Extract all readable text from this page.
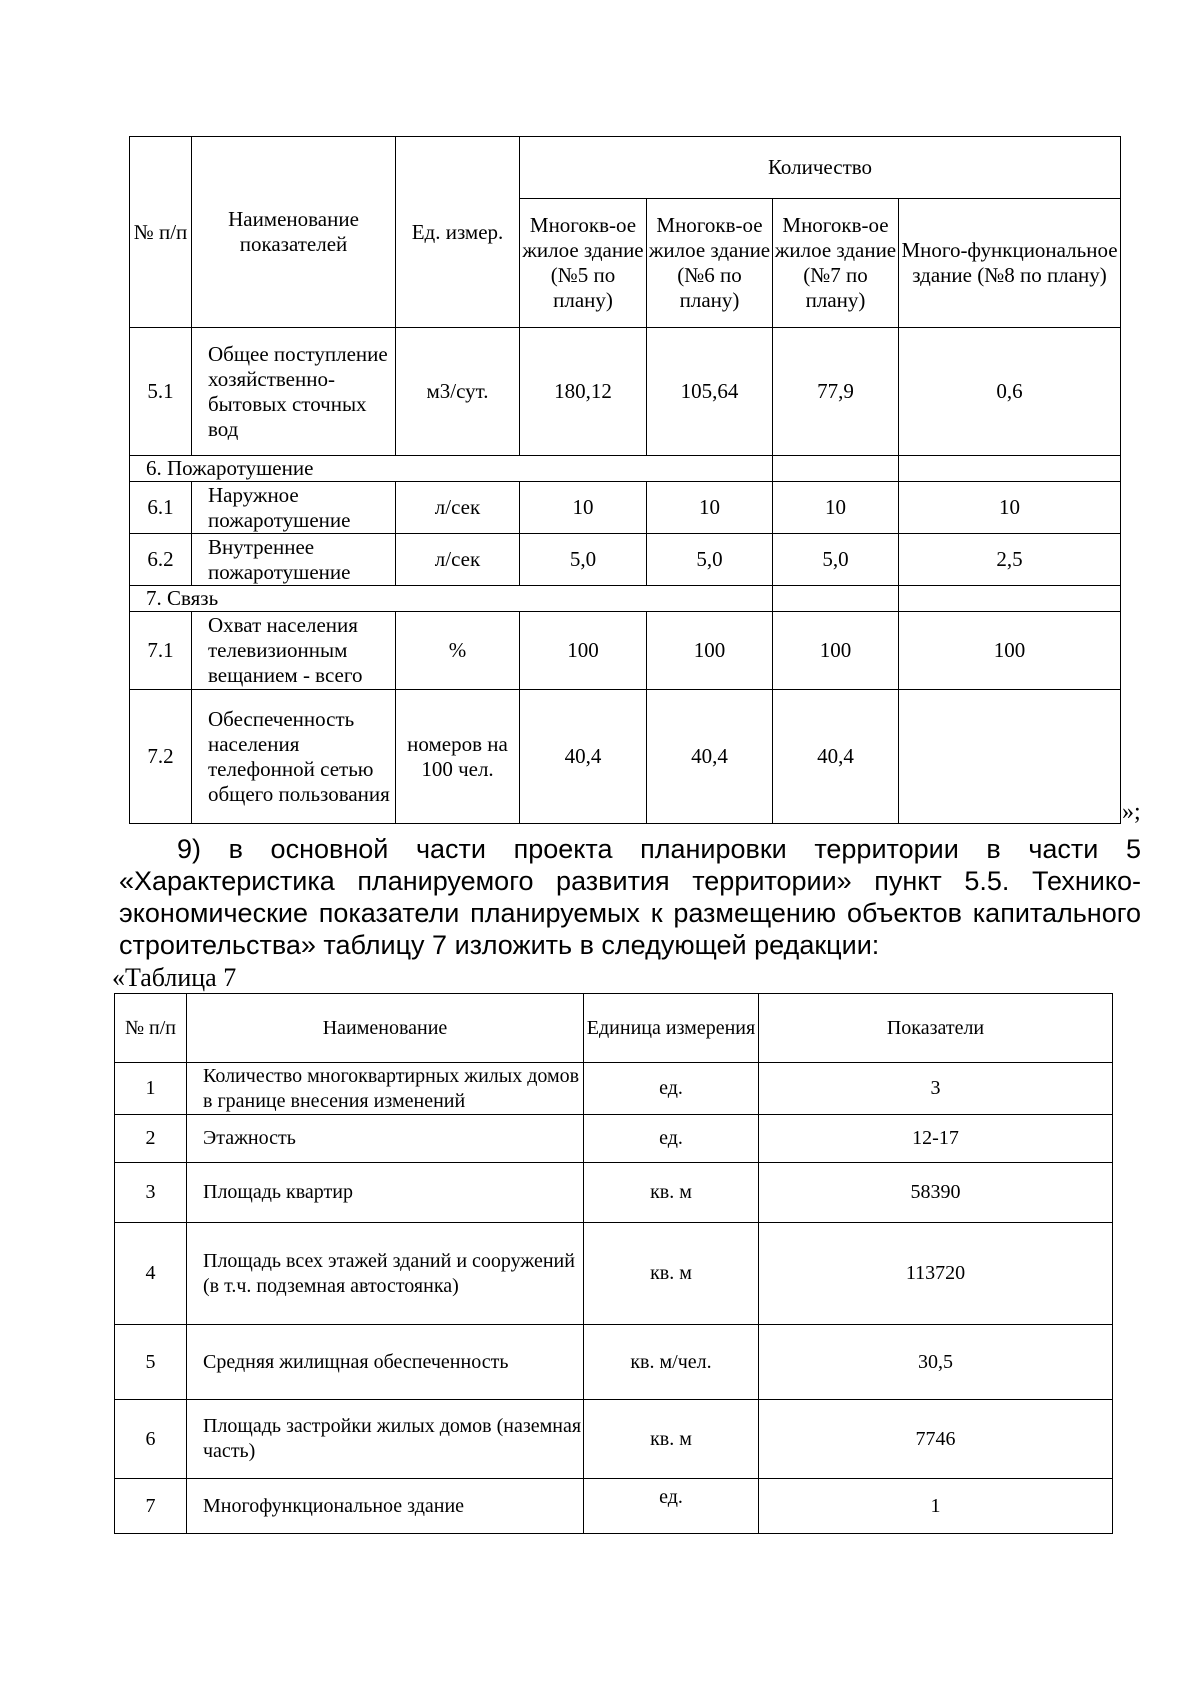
№ п/п	Наименование показателей	Ед. измер.	Количество			
			Многокв-ое жилое здание (№5 по плану)	Многокв-ое жилое здание (№6 по плану)	Многокв-ое жилое здание (№7 по плану)	Много-функциональное здание (№8 по плану)
5.1	Общее поступление хозяйственно-бытовых сточных вод	м3/сут.	180,12	105,64	77,9	0,6
6. Пожаротушение						
6.1	Наружное пожаротушение	л/сек	10	10	10	10
6.2	Внутреннее пожаротушение	л/сек	5,0	5,0	5,0	2,5
7. Связь						
7.1	Охват населения телевизионным вещанием - всего	%	100	100	100	100
7.2	Обеспеченность населения телефонной сетью общего пользования	номеров на 100 чел.	40,4	40,4	40,4	
»;

9) в основной части проекта планировки территории в части 5 «Характеристика планируемого развития территории» пункт 5.5. Технико-экономические показатели планируемых к размещению объектов капитального строительства» таблицу 7 изложить в следующей редакции:

«Таблица 7
№ п/п	Наименование	Единица измерения	Показатели
1	Количество многоквартирных жилых домов в границе внесения изменений	ед.	3
2	Этажность	ед.	12-17
3	Площадь квартир	кв. м	58390
4	Площадь всех этажей зданий и сооружений (в т.ч. подземная автостоянка)	кв. м	113720
5	Средняя жилищная обеспеченность	кв. м/чел.	30,5
6	Площадь застройки жилых домов (наземная часть)	кв. м	7746
7	Многофункциональное здание	ед.	1
